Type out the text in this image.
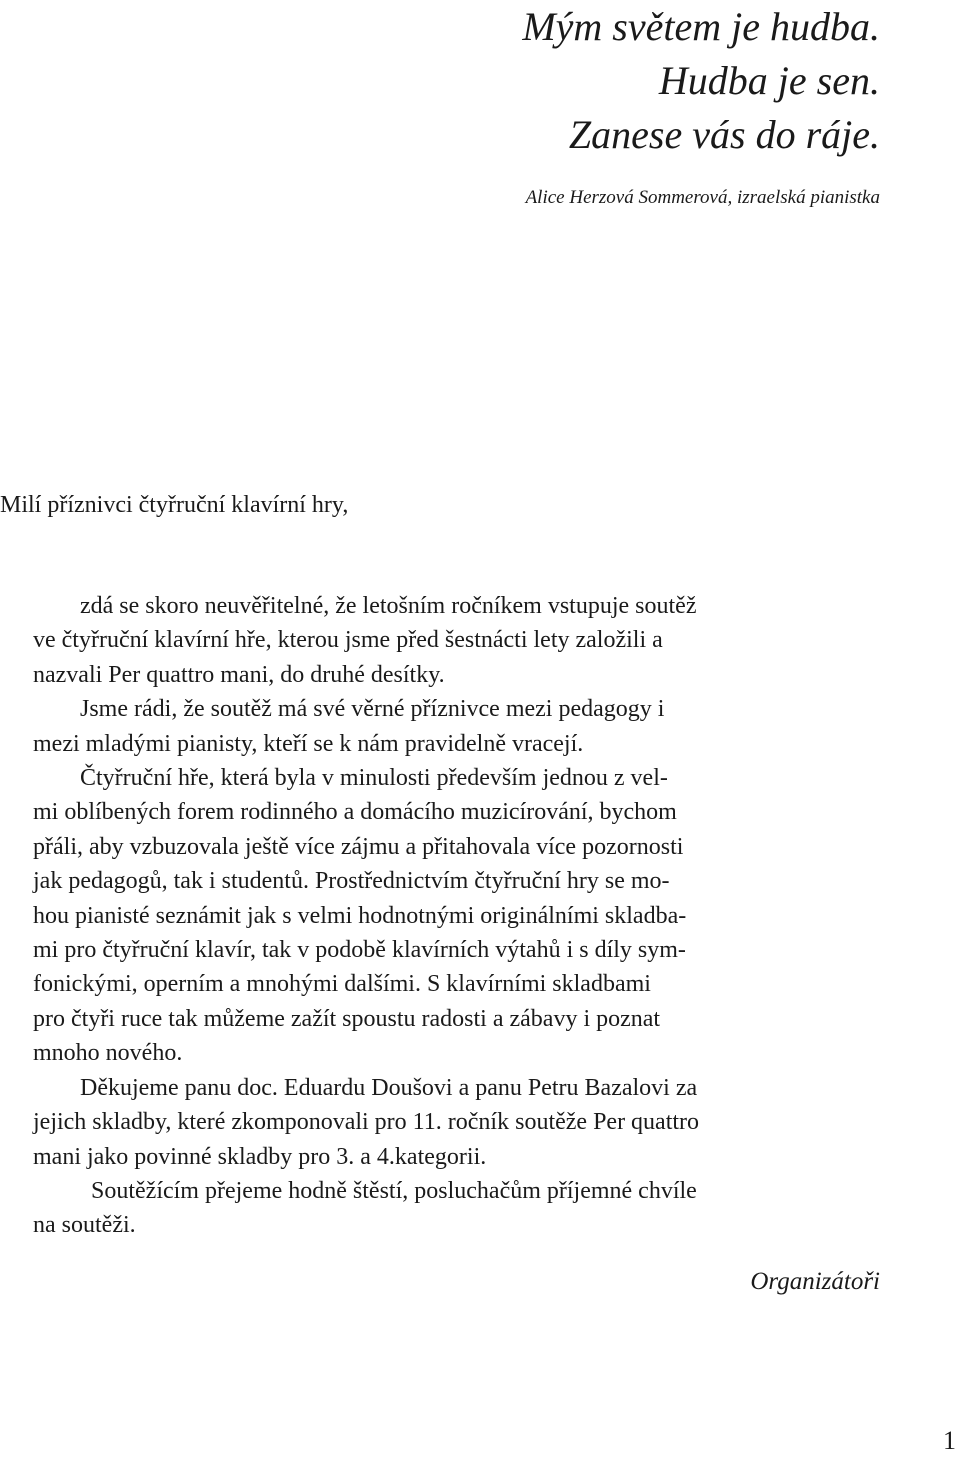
Mým světem je hudba.
Hudba je sen.
Zanese vás do ráje.
Alice Herzová Sommerová, izraelská pianistka
Milí příznivci čtyřruční klavírní hry,
zdá se skoro neuvěřitelné, že letošním ročníkem vstupuje soutěž
ve čtyřruční klavírní hře, kterou jsme před šestnácti lety založili a
nazvali Per quattro mani, do druhé desítky.
Jsme rádi, že soutěž má své věrné příznivce mezi pedagogy i
mezi mladými pianisty, kteří se k nám pravidelně vracejí.
Čtyřruční hře, která byla v minulosti především jednou z vel-
mi oblíbených forem rodinného a domácího muzicírování, bychom
přáli, aby vzbuzovala ještě více zájmu a přitahovala více pozornosti
jak pedagogů, tak i studentů. Prostřednictvím čtyřruční hry se mo-
hou pianisté seznámit jak s velmi hodnotnými originálními skladba-
mi pro čtyřruční klavír, tak v podobě klavírních výtahů i s díly sym-
fonickými, operním a mnohými dalšími. S klavírními skladbami
pro čtyři ruce tak můžeme zažít spoustu radosti a zábavy i poznat
mnoho nového.
Děkujeme panu doc. Eduardu Doušovi a panu Petru Bazalovi za
jejich skladby, které zkomponovali pro 11. ročník soutěže Per quattro
mani jako povinné skladby pro 3. a 4.kategorii.
Soutěžícím přejeme hodně štěstí, posluchačům příjemné chvíle
na soutěži.
Organizátoři
1
